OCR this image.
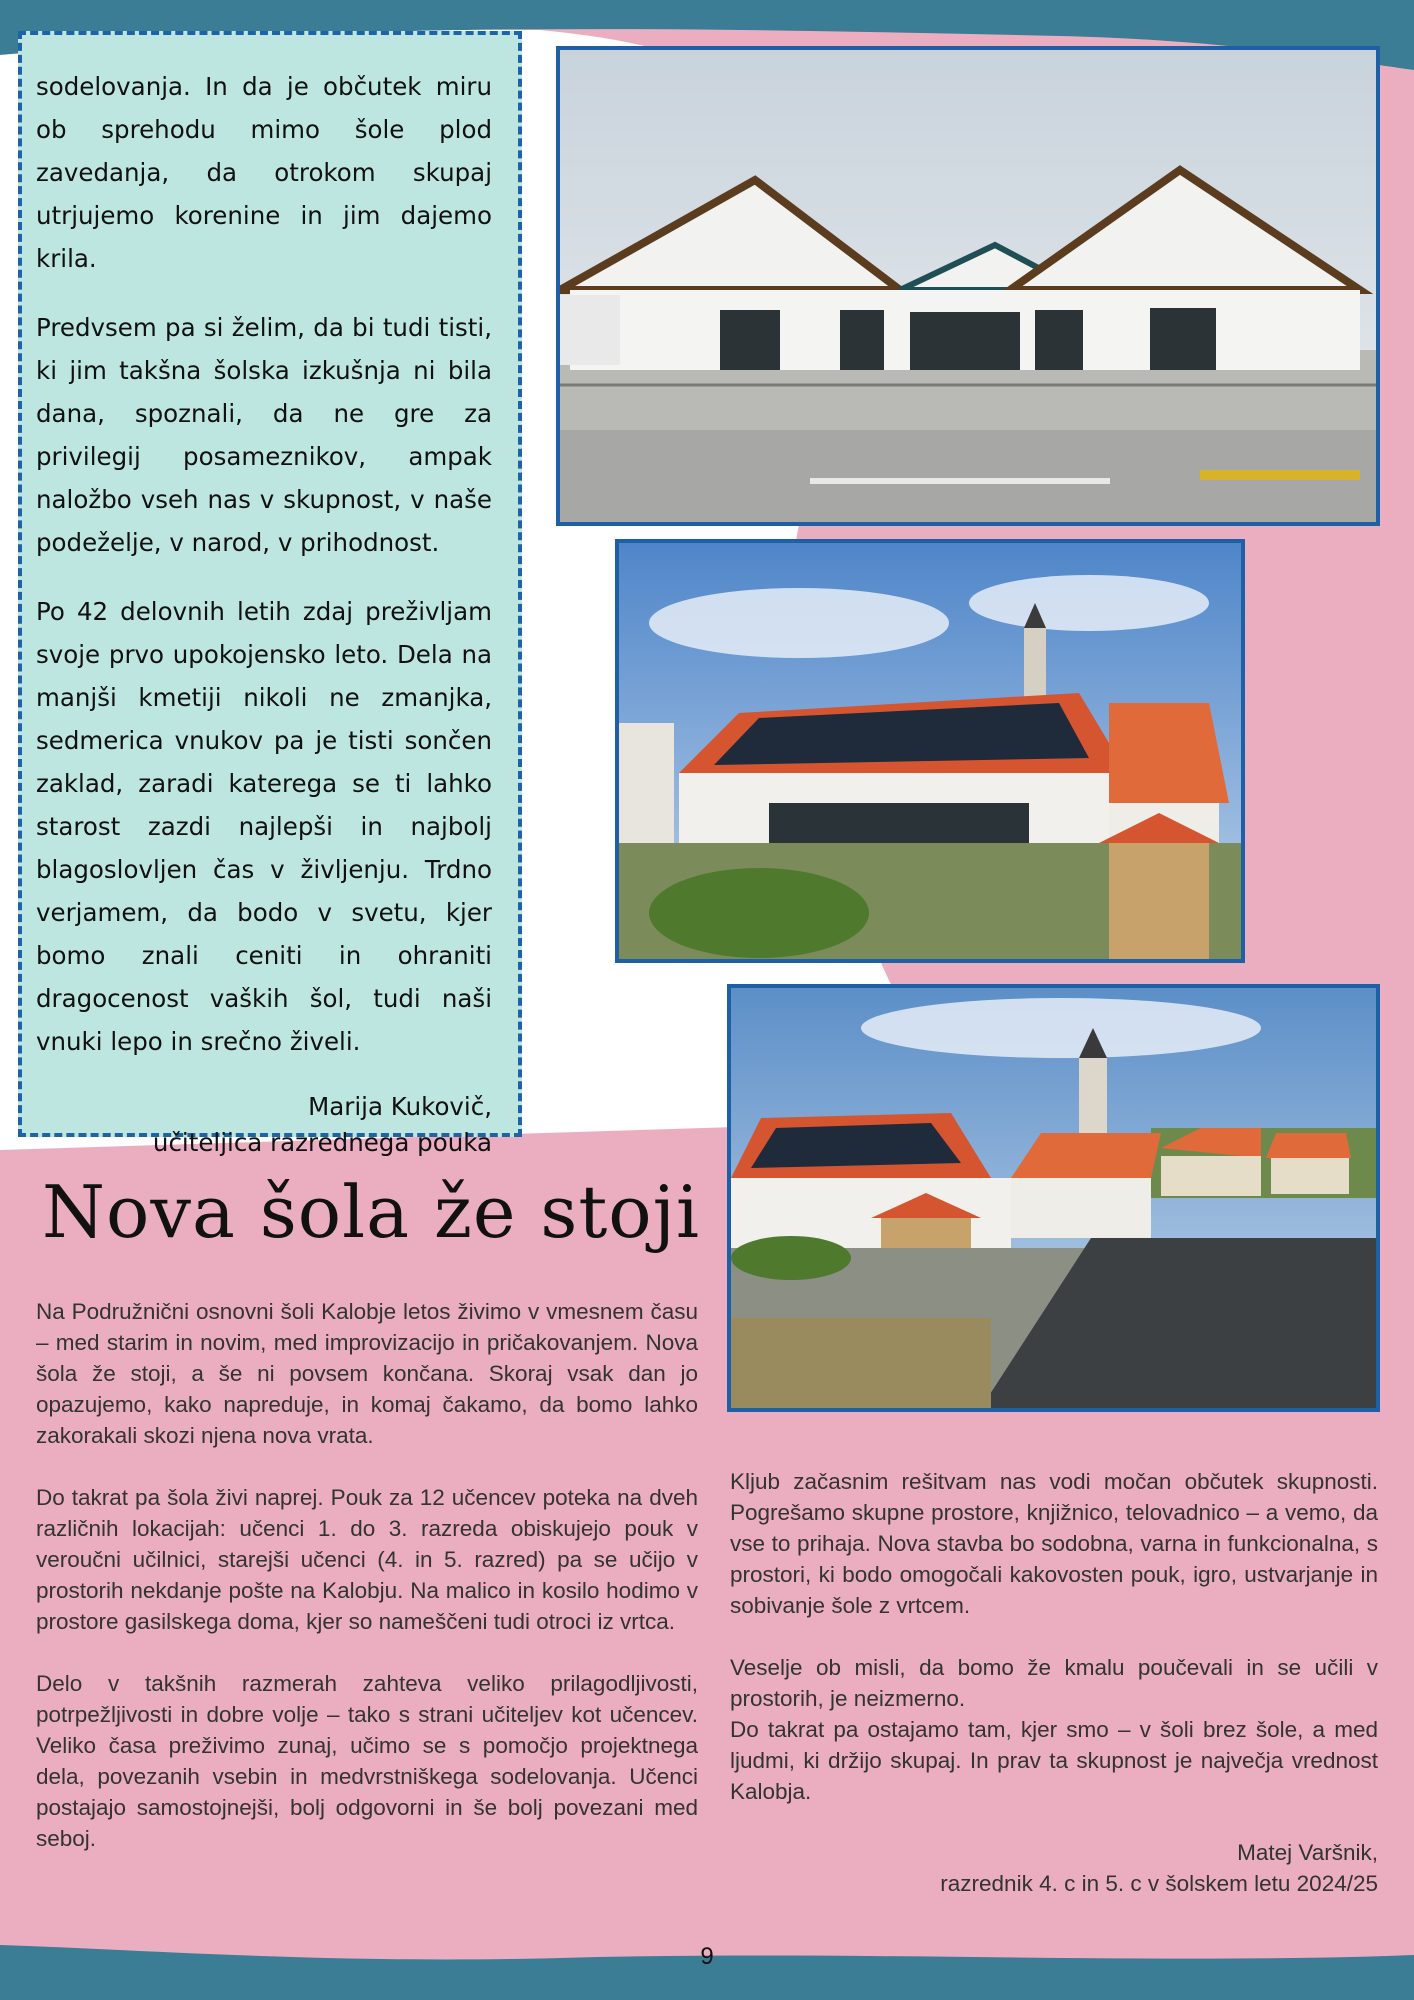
sodelovanja. In da je občutek miru ob sprehodu mimo šole plod zavedanja, da otrokom skupaj utrjujemo korenine in jim dajemo krila.

Predvsem pa si želim, da bi tudi tisti, ki jim takšna šolska izkušnja ni bila dana, spoznali, da ne gre za privilegij posameznikov, ampak naložbo vseh nas v skupnost, v naše podeželje, v narod, v prihodnost.

Po 42 delovnih letih zdaj preživljam svoje prvo upokojensko leto. Dela na manjši kmetiji nikoli ne zmanjka, sedmerica vnukov pa je tisti sončen zaklad, zaradi katerega se ti lahko starost zazdi najlepši in najbolj blagoslovljen čas v življenju. Trdno verjamem, da bodo v svetu, kjer bomo znali ceniti in ohraniti dragocenost vaških šol, tudi naši vnuki lepo in srečno živeli.

Marija Kukovič,
učiteljica razrednega pouka
Nova šola že stoji

Na Podružnični osnovni šoli Kalobje letos živimo v vmesnem času – med starim in novim, med improvizacijo in pričakovanjem. Nova šola že stoji, a še ni povsem končana. Skoraj vsak dan jo opazujemo, kako napreduje, in komaj čakamo, da bomo lahko zakorakali skozi njena nova vrata.

Do takrat pa šola živi naprej. Pouk za 12 učencev poteka na dveh različnih lokacijah: učenci 1. do 3. razreda obiskujejo pouk v veroučni učilnici, starejši učenci (4. in 5. razred) pa se učijo v prostorih nekdanje pošte na Kalobju. Na malico in kosilo hodimo v prostore gasilskega doma, kjer so nameščeni tudi otroci iz vrtca.

Delo v takšnih razmerah zahteva veliko prilagodljivosti, potrpežljivosti in dobre volje – tako s strani učiteljev kot učencev. Veliko časa preživimo zunaj, učimo se s pomočjo projektnega dela, povezanih vsebin in medvrstniškega sodelovanja. Učenci postajajo samostojnejši, bolj odgovorni in še bolj povezani med seboj.

Kljub začasnim rešitvam nas vodi močan občutek skupnosti. Pogrešamo skupne prostore, knjižnico, telovadnico – a vemo, da vse to prihaja. Nova stavba bo sodobna, varna in funkcionalna, s prostori, ki bodo omogočali kakovosten pouk, igro, ustvarjanje in sobivanje šole z vrtcem.

Veselje ob misli, da bomo že kmalu poučevali in se učili v prostorih, je neizmerno.

Do takrat pa ostajamo tam, kjer smo – v šoli brez šole, a med ljudmi, ki držijo skupaj. In prav ta skupnost je največja vrednost Kalobja.

Matej Varšnik,
razrednik 4. c in 5. c v šolskem letu 2024/25
9
